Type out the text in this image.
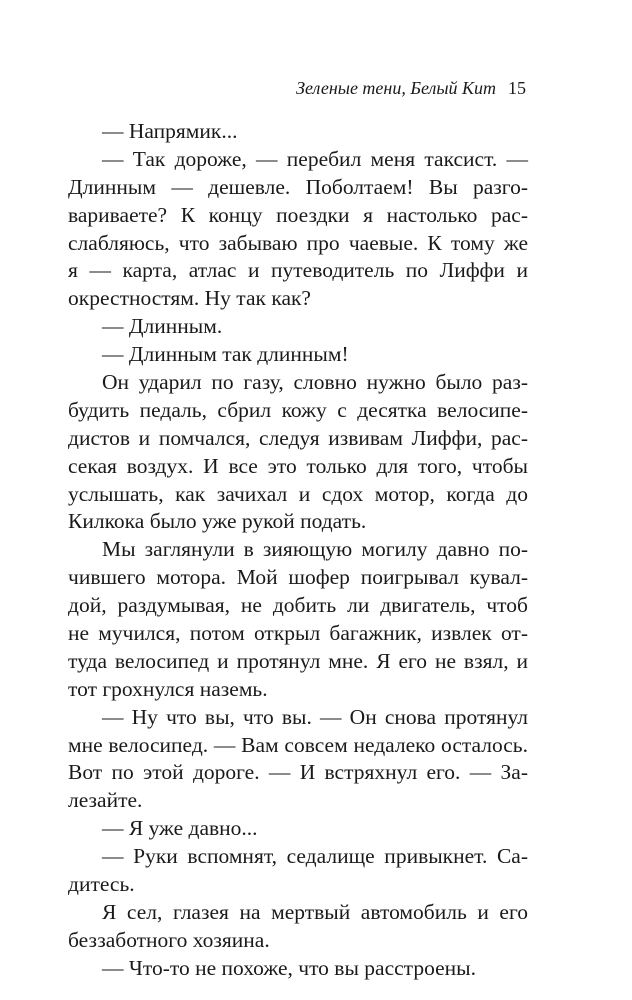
Зеленые тени, Белый Кит 15
— Напрямик...
— Так дороже, — перебил меня таксист. —
Длинным — дешевле. Поболтаем! Вы разго-
вариваете? К концу поездки я настолько рас-
слабляюсь, что забываю про чаевые. К тому же
я — карта, атлас и путеводитель по Лиффи и
окрестностям. Ну так как?
— Длинным.
— Длинным так длинным!
Он ударил по газу, словно нужно было раз-
будить педаль, сбрил кожу с десятка велосипе-
дистов и помчался, следуя извивам Лиффи, рас-
секая воздух. И все это только для того, чтобы
услышать, как зачихал и сдох мотор, когда до
Килкока было уже рукой подать.
Мы заглянули в зияющую могилу давно по-
чившего мотора. Мой шофер поигрывал кувал-
дой, раздумывая, не добить ли двигатель, чтоб
не мучился, потом открыл багажник, извлек от-
туда велосипед и протянул мне. Я его не взял, и
тот грохнулся наземь.
— Ну что вы, что вы. — Он снова протянул
мне велосипед. — Вам совсем недалеко осталось.
Вот по этой дороге. — И встряхнул его. — За-
лезайте.
— Я уже давно...
— Руки вспомнят, седалище привыкнет. Са-
дитесь.
Я сел, глазея на мертвый автомобиль и его
беззаботного хозяина.
— Что-то не похоже, что вы расстроены.
